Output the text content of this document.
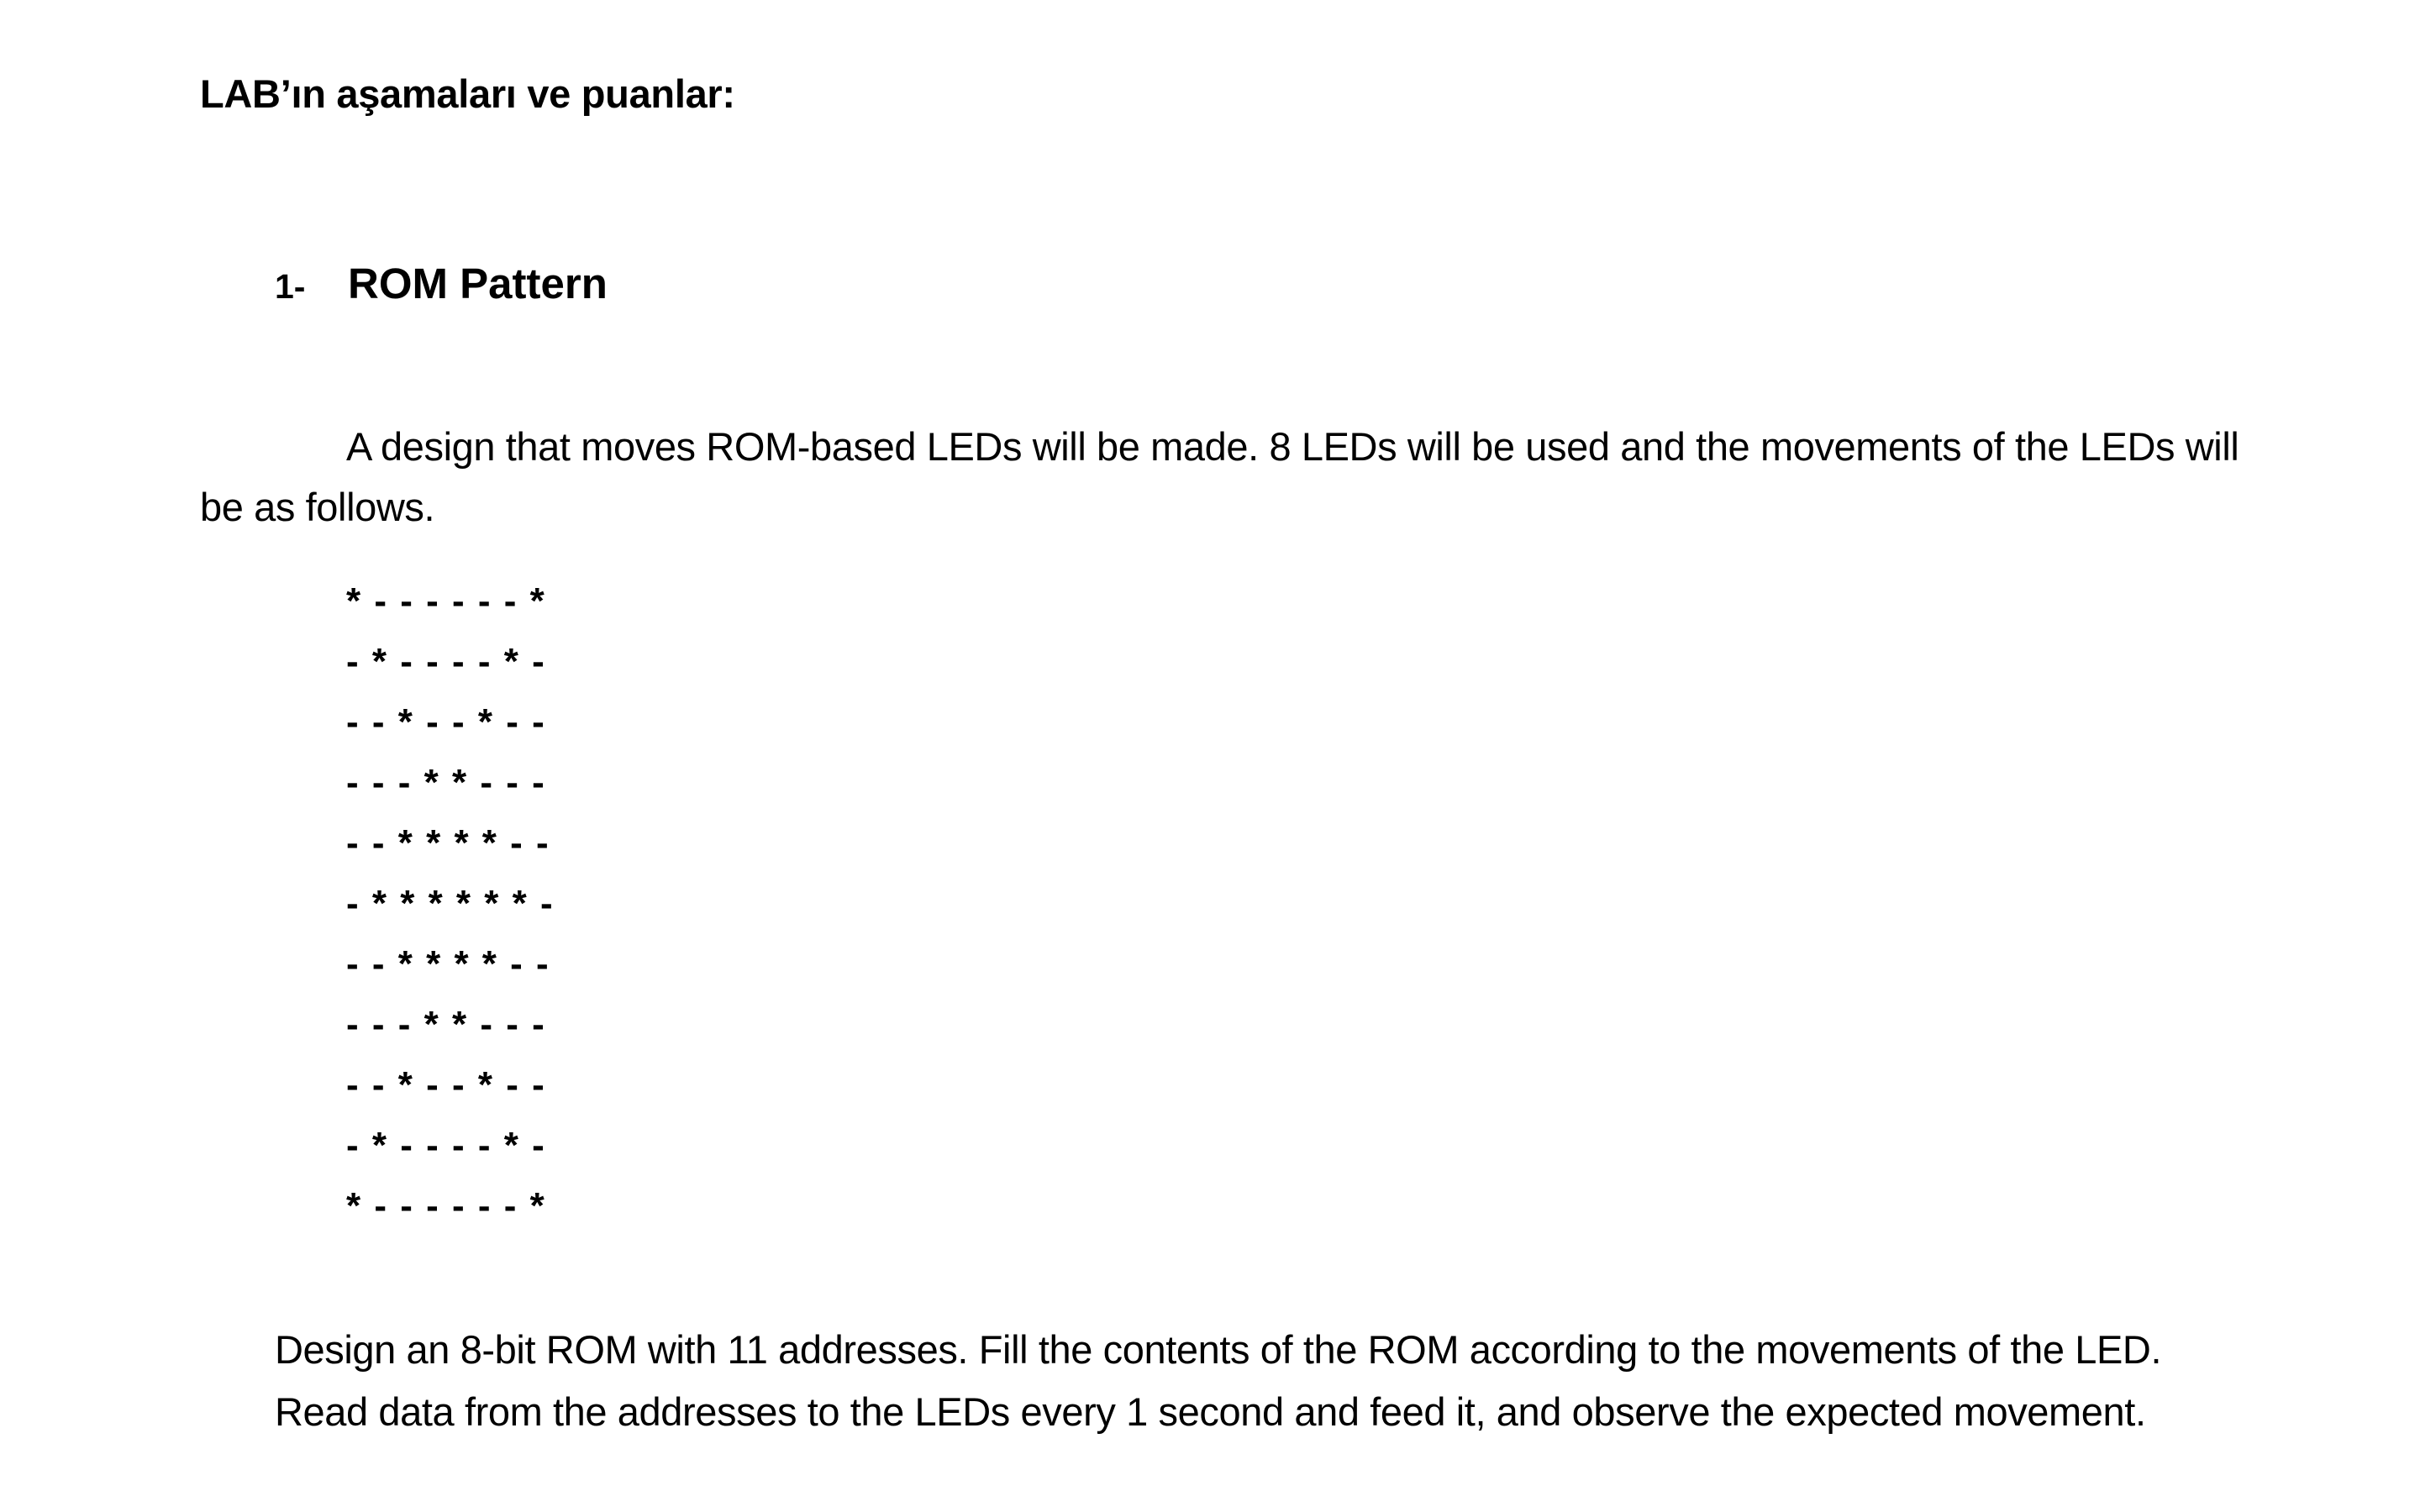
LAB’ın aşamaları ve puanlar:
1- ROM Pattern

A design that moves ROM-based LEDs will be made. 8 LEDs will be used and the movements of the LEDs will be as follows.

* - - - - - - *
- * - - - - * -
- - * - - * - -
- - - * * - - -
- - * * * * - -
- * * * * * * -
- - * * * * - -
- - - * * - - -
- - * - - * - -
- * - - - - * -
* - - - - - - *
Design an 8-bit ROM with 11 addresses. Fill the contents of the ROM according to the movements of the LED.
Read data from the addresses to the LEDs every 1 second and feed it, and observe the expected movement.
